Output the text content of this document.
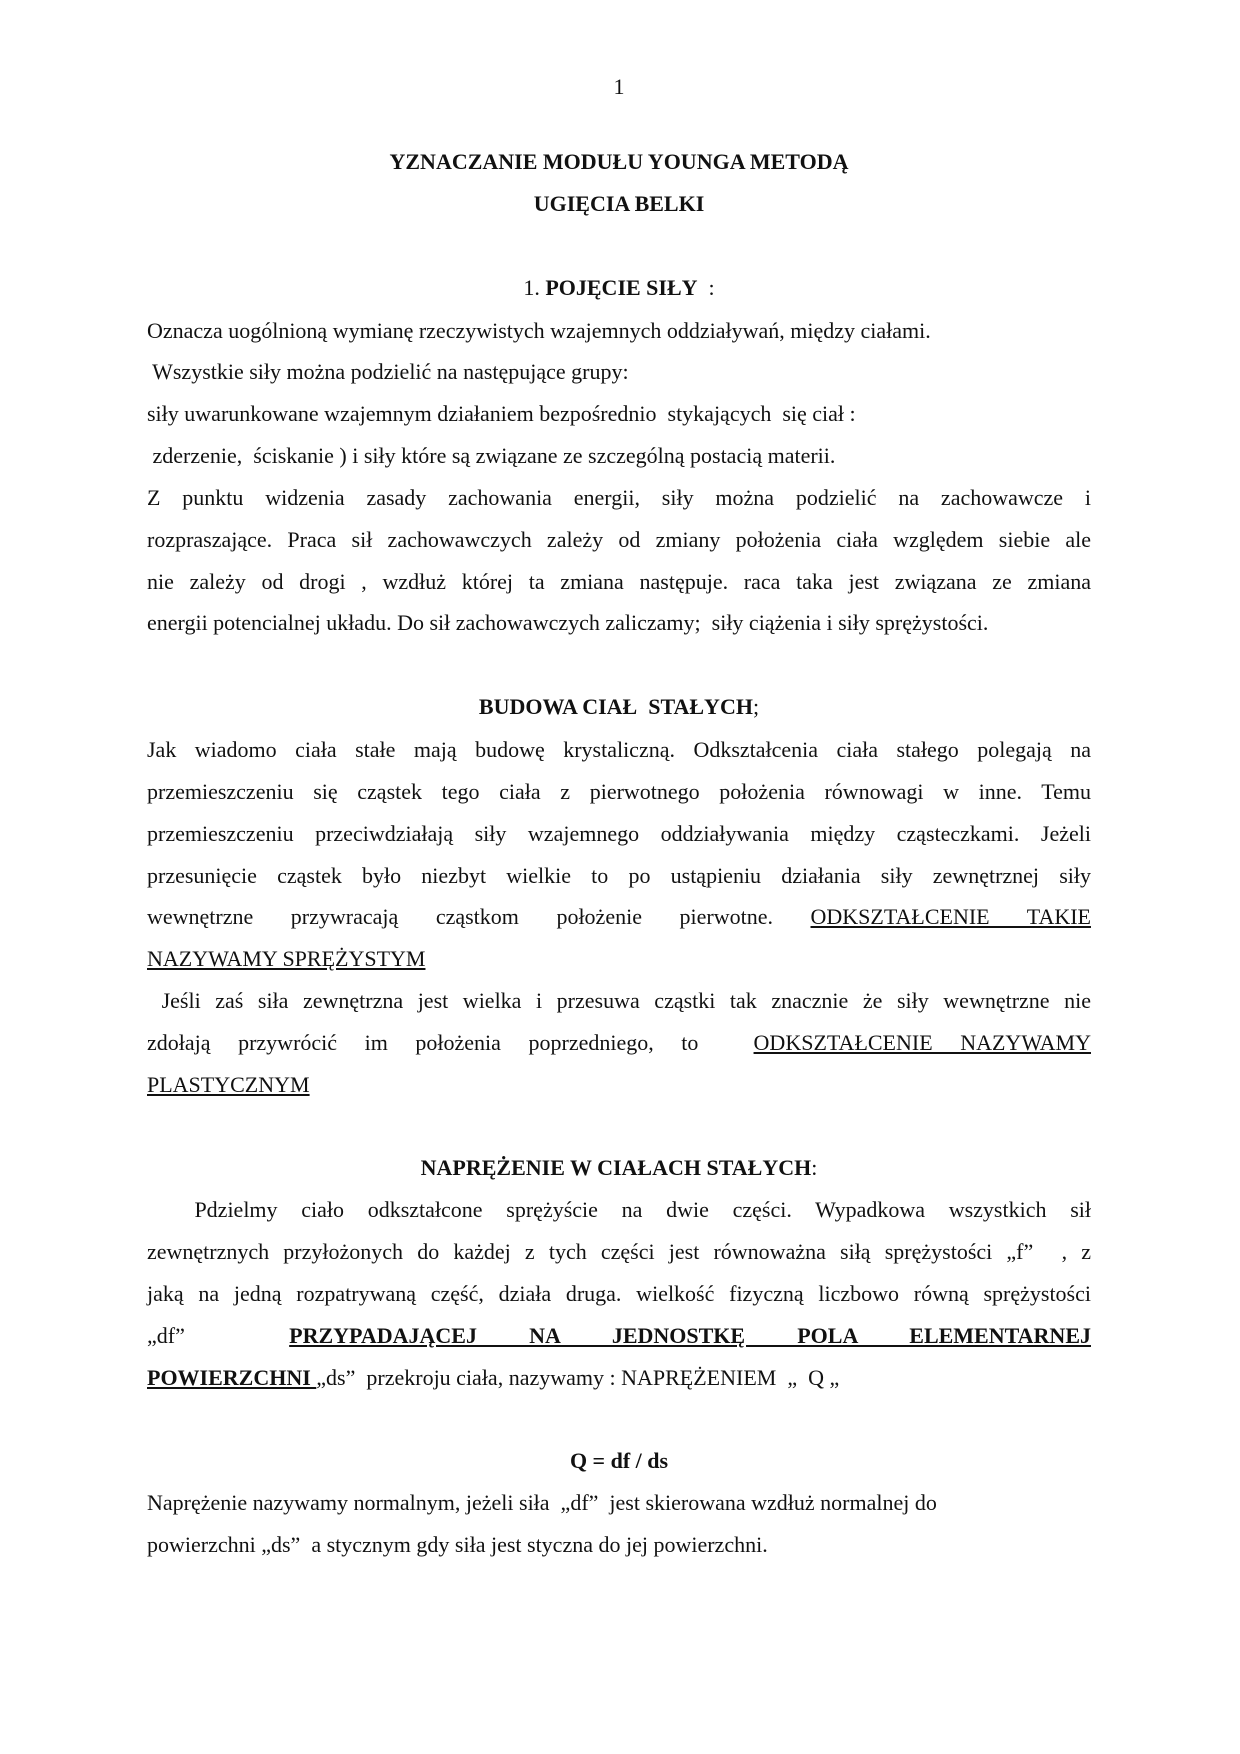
1
YZNACZANIE MODUŁU YOUNGA METODĄ
UGIĘCIA BELKI
1. POJĘCIE SIŁY  :
Oznacza uogólnioną wymianę rzeczywistych wzajemnych oddziaływań, między ciałami.
Wszystkie siły można podzielić na następujące grupy:
siły uwarunkowane wzajemnym działaniem bezpośrednio  stykających  się ciał :
zderzenie,  ściskanie ) i siły które są związane ze szczególną postacią materii.
Z punktu widzenia zasady zachowania energii, siły można podzielić na zachowawcze i
rozpraszające. Praca sił zachowawczych zależy od zmiany położenia ciała względem siebie ale
nie zależy od drogi , wzdłuż której ta zmiana następuje. raca taka jest związana ze zmiana
energii potencialnej układu. Do sił zachowawczych zaliczamy;  siły ciążenia i siły sprężystości.
BUDOWA CIAŁ  STAŁYCH;
Jak wiadomo ciała stałe mają budowę krystaliczną. Odkształcenia ciała stałego polegają na
przemieszczeniu się cząstek tego ciała z pierwotnego położenia równowagi w inne. Temu
przemieszczeniu przeciwdziałają siły wzajemnego oddziaływania między cząsteczkami. Jeżeli
przesunięcie cząstek było niezbyt wielkie to po ustąpieniu działania siły zewnętrznej siły
wewnętrzne przywracają cząstkom położenie pierwotne. ODKSZTAŁCENIE TAKIE
NAZYWAMY SPRĘŻYSTYM
Jeśli zaś siła zewnętrzna jest wielka i przesuwa cząstki tak znacznie że siły wewnętrzne nie
zdołają przywrócić im położenia poprzedniego, to  ODKSZTAŁCENIE NAZYWAMY
PLASTYCZNYM
NAPRĘŻENIE W CIAŁACH STAŁYCH:
Pdzielmy ciało odkształcone sprężyście na dwie części. Wypadkowa wszystkich sił
zewnętrznych przyłożonych do każdej z tych części jest równoważna siłą sprężystości „f”  , z
jaką na jedną rozpatrywaną część, działa druga. wielkość fizyczną liczbowo równą sprężystości
„df”  PRZYPADAJĄCEJ NA JEDNOSTKĘ POLA ELEMENTARNEJ
POWIERZCHNI „ds”  przekroju ciała, nazywamy : NAPRĘŻENIEM  „  Q „
Q = df / ds
Naprężenie nazywamy normalnym, jeżeli siła  „df”  jest skierowana wzdłuż normalnej do
powierzchni „ds”  a stycznym gdy siła jest styczna do jej powierzchni.
